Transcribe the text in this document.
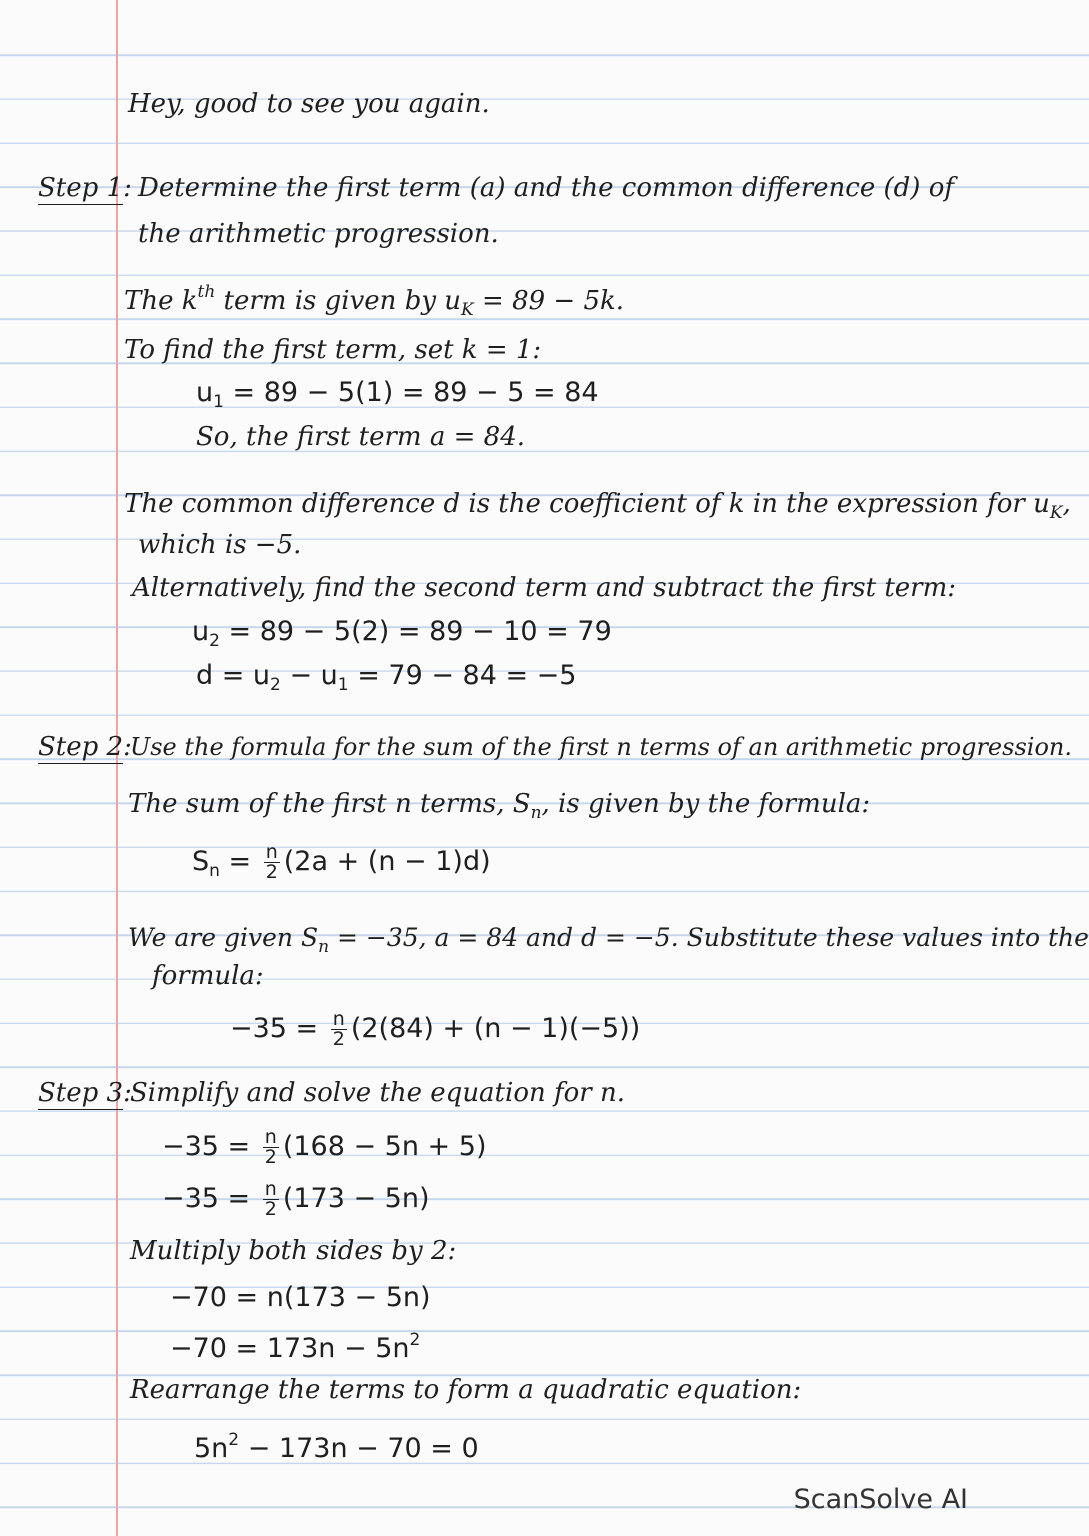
Hey, good to see you again.
Step 1: Determine the first term (a) and the common difference (d) of
the arithmetic progression.
The $k^{th}$ term is given by $u_K = 89 - 5k$.
To find the first term, set k = 1:
$u_1 = 89 - 5(1) = 89 - 5 = 84$
So, the first term a = 84.
The common difference d is the coefficient of k in the expression for $u_K$,
which is −5.
Alternatively, find the second term and subtract the first term:
$u_2 = 89 - 5(2) = 89 - 10 = 79$
$d = u_2 - u_1 = 79 - 84 = -5$
Step 2:
Use the formula for the sum of the first n terms of an arithmetic progression.
The sum of the first n terms, $S_n$, is given by the formula:
$S_n = \frac{n}{2} (2a + (n - 1)d)$
We are given $S_n = -35$, a = 84 and d = −5. Substitute these values into the
formula:
$-35 = \frac{n}{2} (2(84) + (n - 1)(-5))$
Step 3:
Simplify and solve the equation for n.
$-35 = \frac{n}{2} (168 - 5n + 5)$
$-35 = \frac{n}{2} (173 - 5n)$
Multiply both sides by 2:
−70 = n(173 − 5n)
$-70 = 173n - 5n^2$
Rearrange the terms to form a quadratic equation:
$5n^2 - 173n - 70 = 0$
ScanSolve AI
